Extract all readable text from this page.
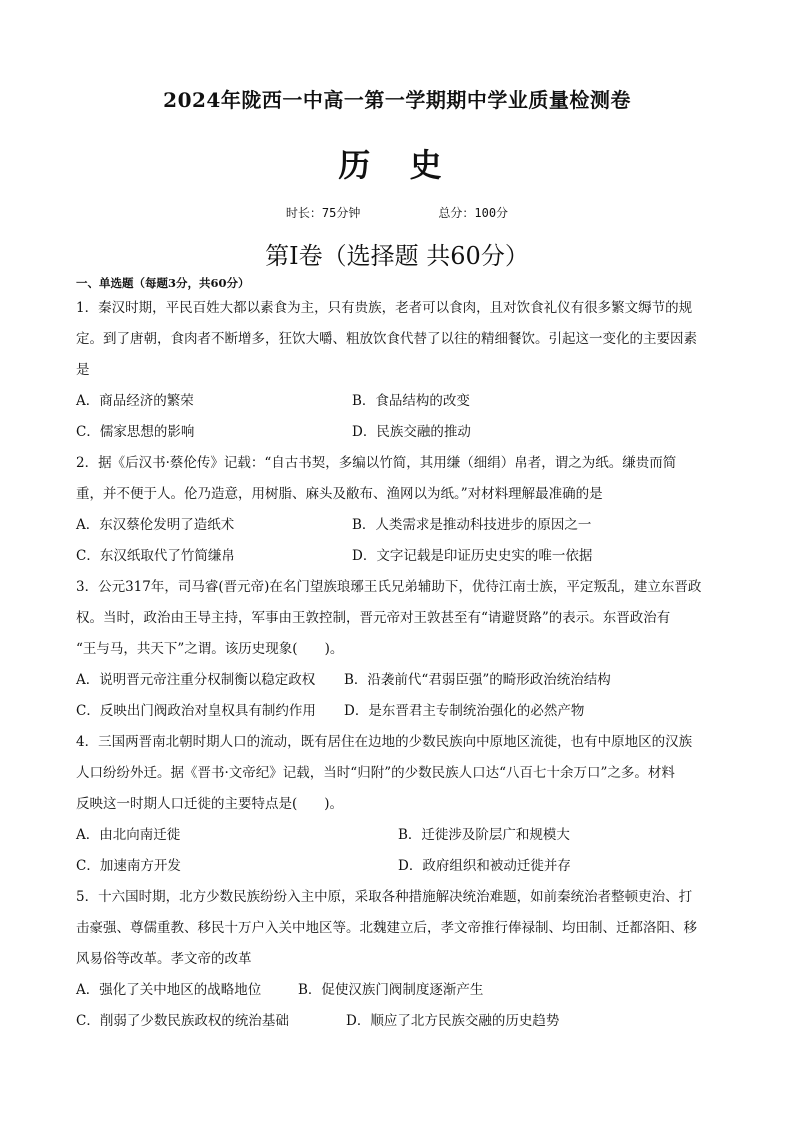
2024年陇西一中高一第一学期期中学业质量检测卷
历 史
时长：75分钟	总分：100分
第Ⅰ卷（选择题 共60分）
一、单选题（每题3分，共60分）
1．秦汉时期，平民百姓大都以素食为主，只有贵族，老者可以食肉，且对饮食礼仪有很多繁文缛节的规
定。到了唐朝，食肉者不断增多，狂饮大嚼、粗放饮食代替了以往的精细餐饮。引起这一变化的主要因素
是
A．商品经济的繁荣	B．食品结构的改变
C．儒家思想的影响	D．民族交融的推动
2．据《后汉书·蔡伦传》记载：“自古书契，多编以竹简，其用缣（细绢）帛者，谓之为纸。缣贵而简
重，并不便于人。伦乃造意，用树脂、麻头及敝布、渔网以为纸。”对材料理解最准确的是
A．东汉蔡伦发明了造纸术	B．人类需求是推动科技进步的原因之一
C．东汉纸取代了竹简缣帛	D．文字记载是印证历史史实的唯一依据
3．公元317年，司马睿(晋元帝)在名门望族琅琊王氏兄弟辅助下，优待江南士族，平定叛乱，建立东晋政
权。当时，政治由王导主持，军事由王敦控制，晋元帝对王敦甚至有“请避贤路”的表示。东晋政治有
“王与马，共天下”之谓。该历史现象(　　)。
A．说明晋元帝注重分权制衡以稳定政权 B．沿袭前代“君弱臣强”的畸形政治统治结构
C．反映出门阀政治对皇权具有制约作用 D．是东晋君主专制统治强化的必然产物
4．三国两晋南北朝时期人口的流动，既有居住在边地的少数民族向中原地区流徙，也有中原地区的汉族
人口纷纷外迁。据《晋书·文帝纪》记载，当时“归附”的少数民族人口达“八百七十余万口”之多。材料
反映这一时期人口迁徙的主要特点是(　　)。
A．由北向南迁徙	B．迁徙涉及阶层广和规模大
C．加速南方开发	D．政府组织和被动迁徙并存
5．十六国时期，北方少数民族纷纷入主中原，采取各种措施解决统治难题，如前秦统治者整顿吏治、打
击豪强、尊儒重教、移民十万户入关中地区等。北魏建立后，孝文帝推行俸禄制、均田制、迁都洛阳、移
风易俗等改革。孝文帝的改革
A．强化了关中地区的战略地位	B．促使汉族门阀制度逐渐产生
C．削弱了少数民族政权的统治基础	D．顺应了北方民族交融的历史趋势
